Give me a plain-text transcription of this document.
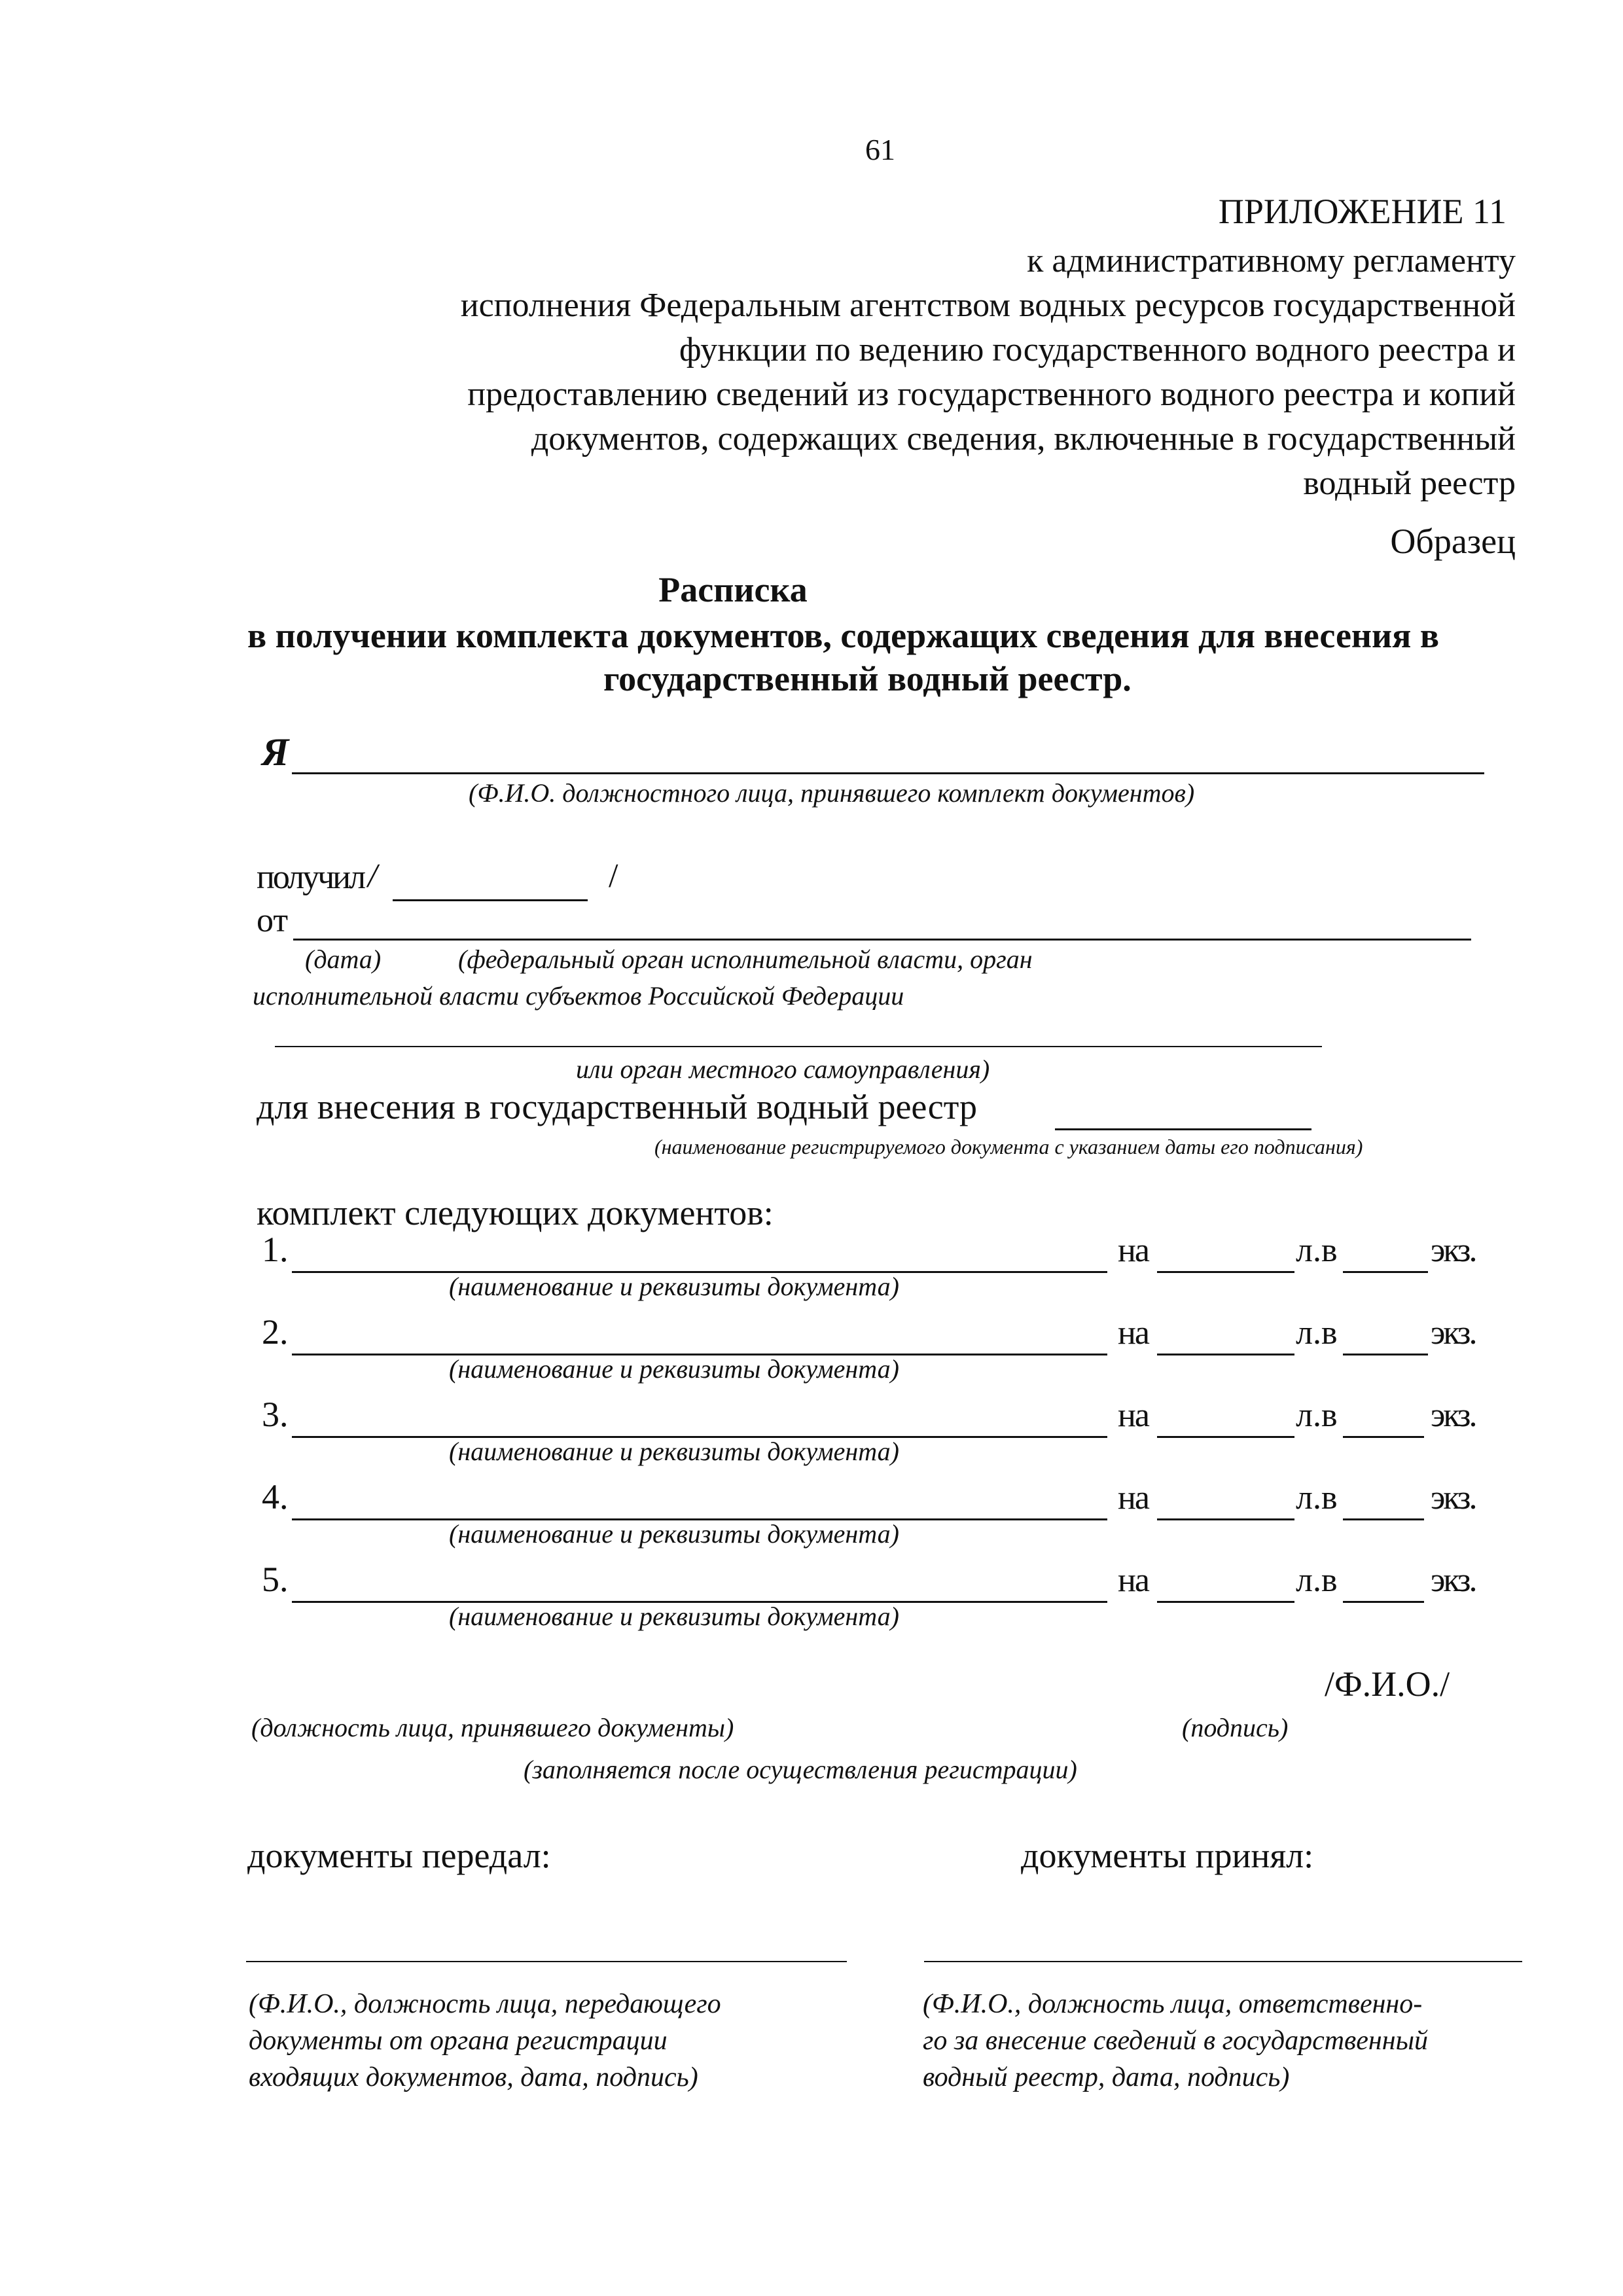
61
ПРИЛОЖЕНИЕ 11
к административному регламенту
исполнения Федеральным агентством водных ресурсов государственной
функции по ведению государственного водного реестра и
предоставлению сведений из государственного водного реестра и копий
документов, содержащих сведения, включенные в государственный
водный реестр
Образец
Расписка
в получении комплекта документов, содержащих сведения для внесения в
государственный водный реестр.
Я
(Ф.И.О. должностного лица, принявшего комплект документов)
получил /	/
от
(дата)	(федеральный орган исполнительной власти, орган
исполнительной власти субъектов Российской Федерации
или орган местного самоуправления)
для внесения в государственный водный реестр
(наименование регистрируемого документа с указанием даты его подписания)
комплект следующих документов:
1.	на	л.в	экз.
(наименование и реквизиты документа)
2.	на	л.в	экз.
(наименование и реквизиты документа)
3.	на	л.в	экз.
(наименование и реквизиты документа)
4.	на	л.в	экз.
(наименование и реквизиты документа)
5.	на	л.в	экз.
(наименование и реквизиты документа)
/Ф.И.О./
(должность лица, принявшего документы)	(подпись)
(заполняется после осуществления регистрации)
документы передал:	документы принял:
(Ф.И.О., должность лица, передающего
документы от органа регистрации
входящих документов, дата, подпись)
(Ф.И.О., должность лица, ответственно-
го за внесение сведений в государственный
водный реестр, дата, подпись)
